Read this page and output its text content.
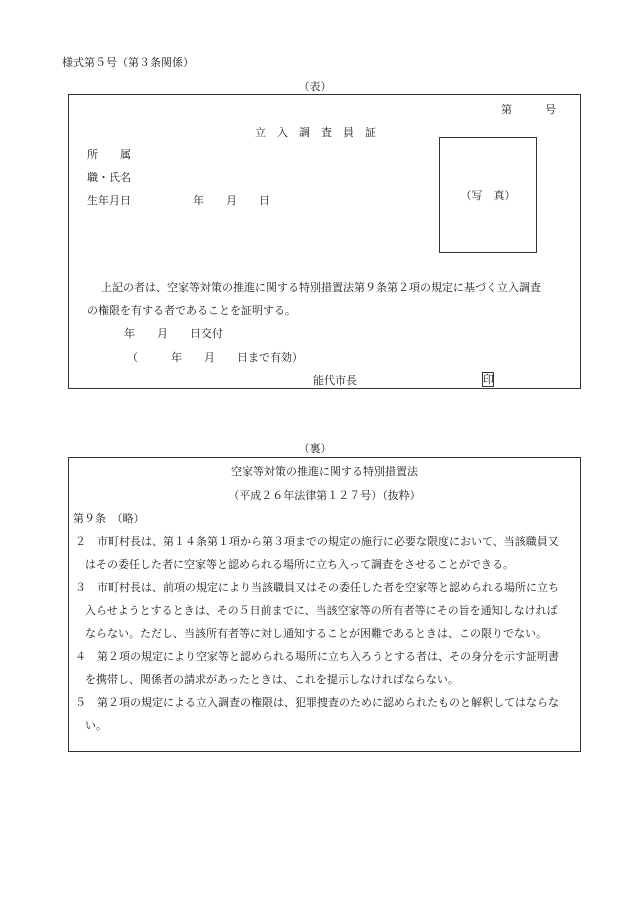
様式第５号（第３条関係）
（表）
第　　　号
立　入　調　査　員　証
所　　属
職・氏名
生年月日	年　　月　　日	（写　真）
上記の者は、空家等対策の推進に関する特別措置法第９条第２項の規定に基づく立入調査
の権限を有する者であることを証明する。
年　　月　　日交付
（　　　年　　月　　日まで有効）
能代市長	印
（裏）
空家等対策の推進に関する特別措置法
（平成２６年法律第１２７号）（抜粋）
第９条　（略）
２　市町村長は、第１４条第１項から第３項までの規定の施行に必要な限度において、当該職員又
はその委任した者に空家等と認められる場所に立ち入って調査をさせることができる。
３　市町村長は、前項の規定により当該職員又はその委任した者を空家等と認められる場所に立ち
入らせようとするときは、その５日前までに、当該空家等の所有者等にその旨を通知しなければ
ならない。ただし、当該所有者等に対し通知することが困難であるときは、この限りでない。
４　第２項の規定により空家等と認められる場所に立ち入ろうとする者は、その身分を示す証明書
を携帯し、関係者の請求があったときは、これを提示しなければならない。
５　第２項の規定による立入調査の権限は、犯罪捜査のために認められたものと解釈してはならな
い。
